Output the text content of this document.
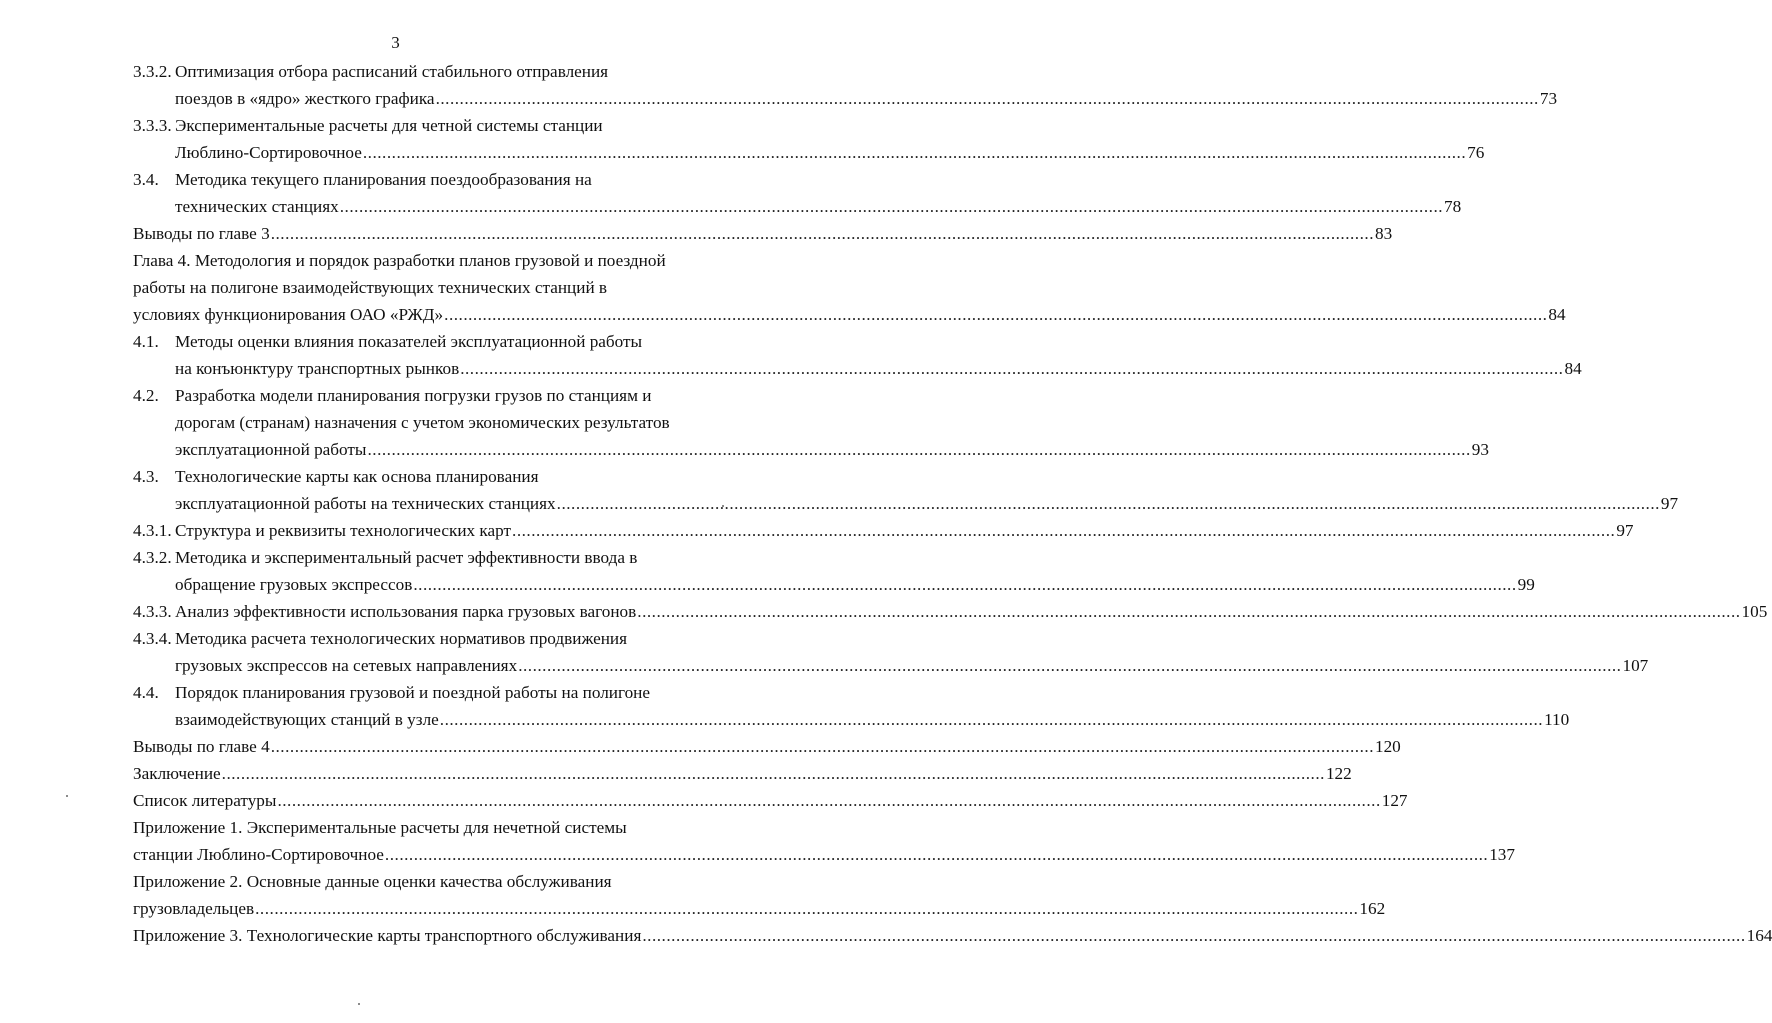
3
3.3.2. Оптимизация отбора расписаний стабильного отправления
поездов в «ядро» жесткого графика .....	73
3.3.3. Экспериментальные расчеты для четной системы станции
Люблино-Сортировочное .....	76
3.4. Методика текущего планирования поездообразования на
технических станциях .....	78
Выводы по главе 3 .....	83
Глава 4. Методология и порядок разработки планов грузовой и поездной
работы на полигоне взаимодействующих технических станций в
условиях функционирования ОАО «РЖД» .....	84
4.1. Методы оценки влияния показателей эксплуатационной работы
на конъюнктуру транспортных рынков .....	84
4.2. Разработка модели планирования погрузки грузов по станциям и
дорогам (странам) назначения с учетом экономических результатов
эксплуатационной работы .....	93
4.3. Технологические карты как основа планирования
эксплуатационной работы на технических станциях .....	97
4.3.1. Структура и реквизиты технологических карт .....	97
4.3.2. Методика и экспериментальный расчет эффективности ввода в
обращение грузовых экспрессов .....	99
4.3.3. Анализ эффективности использования парка грузовых вагонов .....	105
4.3.4. Методика расчета технологических нормативов продвижения
грузовых экспрессов на сетевых направлениях .....	107
4.4. Порядок планирования грузовой и поездной работы на полигоне
взаимодействующих станций в узле .....	110
Выводы по главе 4 .....	120
Заключение .....	122
Список литературы .....	127
Приложение 1. Экспериментальные расчеты для нечетной системы
станции Люблино-Сортировочное .....	137
Приложение 2. Основные данные оценки качества обслуживания
грузовладельцев .....	162
Приложение 3. Технологические карты транспортного обслуживания .....	164
